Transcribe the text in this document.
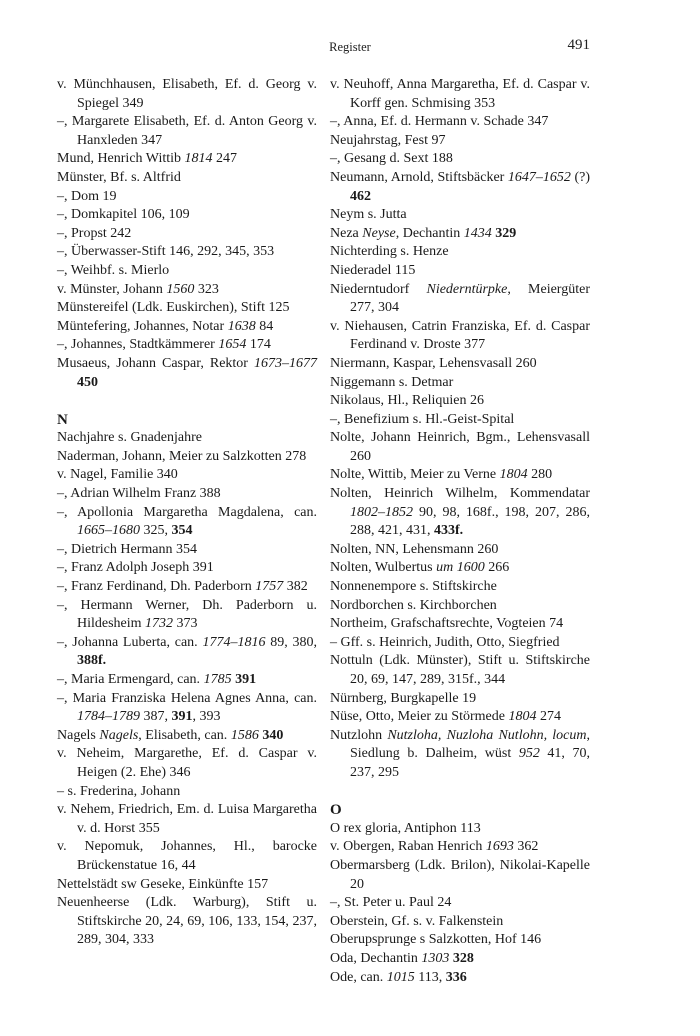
Register	491
v. Münchhausen, Elisabeth, Ef. d. Georg v. Spiegel 349
–, Margarete Elisabeth, Ef. d. Anton Georg v. Hanxleden 347
Mund, Henrich Wittib 1814 247
Münster, Bf. s. Altfrid
–, Dom 19
–, Domkapitel 106, 109
–, Propst 242
–, Überwasser-Stift 146, 292, 345, 353
–, Weihbf. s. Mierlo
v. Münster, Johann 1560 323
Münstereifel (Ldk. Euskirchen), Stift 125
Müntefering, Johannes, Notar 1638 84
–, Johannes, Stadtkämmerer 1654 174
Musaeus, Johann Caspar, Rektor 1673–1677 450
N
Nachjahre s. Gnadenjahre
Naderman, Johann, Meier zu Salzkotten 278
v. Nagel, Familie 340
–, Adrian Wilhelm Franz 388
–, Apollonia Margaretha Magdalena, can. 1665–1680 325, 354
–, Dietrich Hermann 354
–, Franz Adolph Joseph 391
–, Franz Ferdinand, Dh. Paderborn 1757 382
–, Hermann Werner, Dh. Paderborn u. Hildesheim 1732 373
–, Johanna Luberta, can. 1774–1816 89, 380, 388f.
–, Maria Ermengard, can. 1785 391
–, Maria Franziska Helena Agnes Anna, can. 1784–1789 387, 391, 393
Nagels Nagels, Elisabeth, can. 1586 340
v. Neheim, Margarethe, Ef. d. Caspar v. Heigen (2. Ehe) 346
– s. Frederina, Johann
v. Nehem, Friedrich, Em. d. Luisa Margaretha v. d. Horst 355
v. Nepomuk, Johannes, Hl., barocke Brückenstatue 16, 44
Nettelstädt sw Geseke, Einkünfte 157
Neuenheerse (Ldk. Warburg), Stift u. Stiftskirche 20, 24, 69, 106, 133, 154, 237, 289, 304, 333
v. Neuhoff, Anna Margaretha, Ef. d. Caspar v. Korff gen. Schmising 353
–, Anna, Ef. d. Hermann v. Schade 347
Neujahrstag, Fest 97
–, Gesang d. Sext 188
Neumann, Arnold, Stiftsbäcker 1647–1652 (?) 462
Neym s. Jutta
Neza Neyse, Dechantin 1434 329
Nichterding s. Henze
Niederadel 115
Niederntudorf Niederntürpke, Meiergüter 277, 304
v. Niehausen, Catrin Franziska, Ef. d. Caspar Ferdinand v. Droste 377
Niermann, Kaspar, Lehensvasall 260
Niggemann s. Detmar
Nikolaus, Hl., Reliquien 26
–, Benefizium s. Hl.-Geist-Spital
Nolte, Johann Heinrich, Bgm., Lehensvasall 260
Nolte, Wittib, Meier zu Verne 1804 280
Nolten, Heinrich Wilhelm, Kommendatar 1802–1852 90, 98, 168f., 198, 207, 286, 288, 421, 431, 433f.
Nolten, NN, Lehensmann 260
Nolten, Wulbertus um 1600 266
Nonnenempore s. Stiftskirche
Nordborchen s. Kirchborchen
Northeim, Grafschaftsrechte, Vogteien 74
– Gff. s. Heinrich, Judith, Otto, Siegfried
Nottuln (Ldk. Münster), Stift u. Stiftskirche 20, 69, 147, 289, 315f., 344
Nürnberg, Burgkapelle 19
Nüse, Otto, Meier zu Störmede 1804 274
Nutzlohn Nutzloha, Nuzloha Nutlohn, locum, Siedlung b. Dalheim, wüst 952 41, 70, 237, 295
O
O rex gloria, Antiphon 113
v. Obergen, Raban Henrich 1693 362
Obermarsberg (Ldk. Brilon), Nikolai-Kapelle 20
–, St. Peter u. Paul 24
Oberstein, Gf. s. v. Falkenstein
Oberupsprunge s Salzkotten, Hof 146
Oda, Dechantin 1303 328
Ode, can. 1015 113, 336
